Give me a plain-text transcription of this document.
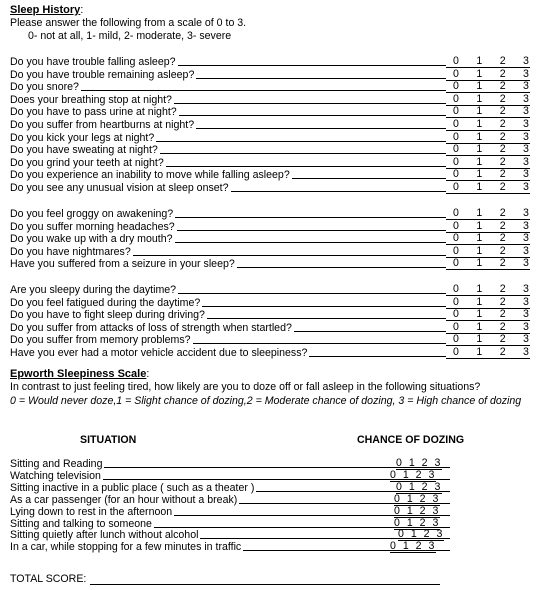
Sleep History:
Please answer the following from a scale of 0 to 3.
0- not at all, 1- mild, 2- moderate, 3- severe
Do you have trouble falling asleep?	0 1 2 3
Do you have trouble remaining asleep?	0 1 2 3
Do you snore?	0 1 2 3
Does your breathing stop at night?	0 1 2 3
Do you have to pass urine at night?	0 1 2 3
Do you suffer from heartburns at night?	0 1 2 3
Do you kick your legs at night?	0 1 2 3
Do you have sweating at night?	0 1 2 3
Do you grind your teeth at night?	0 1 2 3
Do you experience an inability to move while falling asleep?	0 1 2 3
Do you see any unusual vision at sleep onset?	0 1 2 3
Do you feel groggy on awakening?	0 1 2 3
Do you suffer morning headaches?	0 1 2 3
Do you wake up with a dry mouth?	0 1 2 3
Do you have nightmares?	0 1 2 3
Have you suffered from a seizure in your sleep?	0 1 2 3
Are you sleepy during the daytime?	0 1 2 3
Do you feel fatigued during the daytime?	0 1 2 3
Do you have to fight sleep during driving?	0 1 2 3
Do you suffer from attacks of loss of strength when startled?	0 1 2 3
Do you suffer from memory problems?	0 1 2 3
Have you ever had a motor vehicle accident due to sleepiness?	0 1 2 3
Epworth Sleepiness Scale:
In contrast to just feeling tired, how likely are you to doze off or fall asleep in the following situations?
0 = Would never doze,1 = Slight chance of dozing,2 = Moderate chance of dozing, 3 = High chance of dozing
SITUATION	CHANCE OF DOZING
Sitting and Reading	0 1 2 3
Watching television	0 1 2 3
Sitting inactive in a public place ( such as a theater )	0 1 2 3
As a car passenger (for an hour without a break)	0 1 2 3
Lying down to rest in the afternoon	0 1 2 3
Sitting and talking to someone	0 1 2 3
Sitting quietly after lunch without alcohol	0 1 2 3
In a car, while stopping for a few minutes in traffic	0 1 2 3
TOTAL SCORE:
